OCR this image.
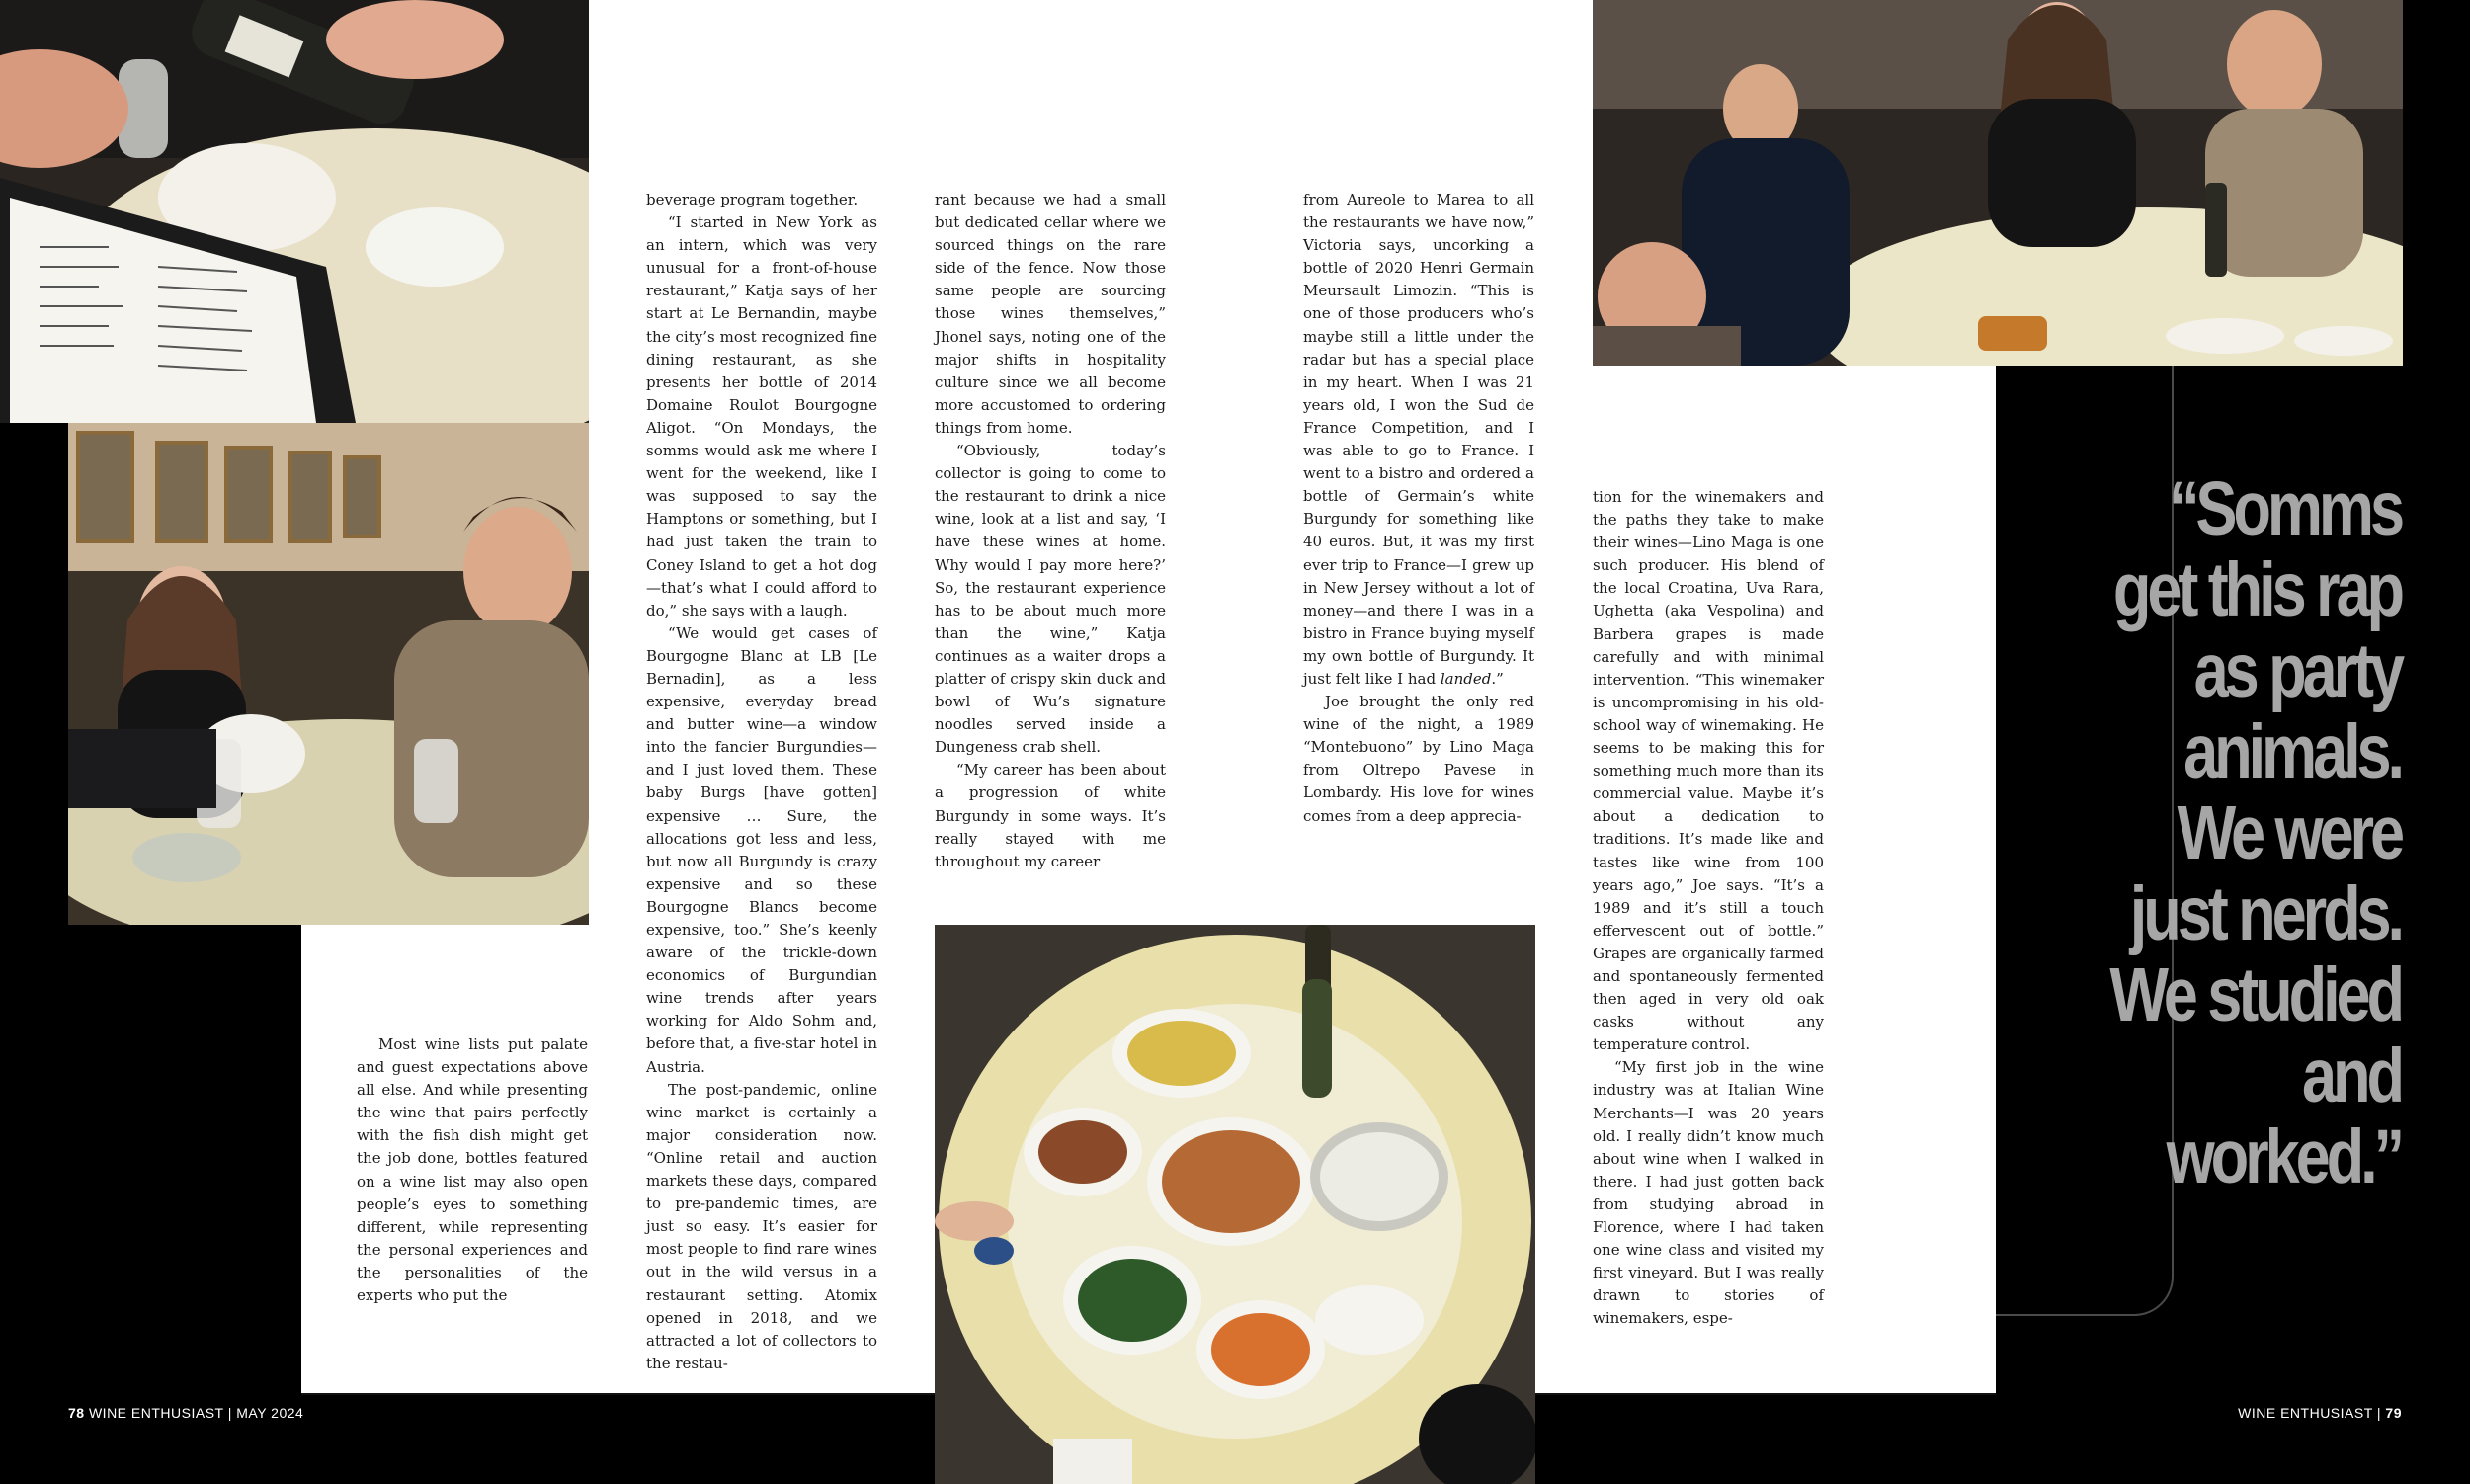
Most wine lists put palate and guest expectations above all else. And while presenting the wine that pairs perfectly with the fish dish might get the job done, bottles featured on a wine list may also open people’s eyes to something different, while representing the personal experiences and the personalities of the experts who put the

beverage program together.

“I started in New York as an intern, which was very unusual for a front-of-house restaurant,” Katja says of her start at Le Bernandin, maybe the city’s most recognized fine dining restaurant, as she presents her bottle of 2014 Domaine Roulot Bourgogne Aligot. “On Mondays, the somms would ask me where I went for the weekend, like I was supposed to say the Hamptons or something, but I had just taken the train to Coney Island to get a hot dog—that’s what I could afford to do,” she says with a laugh.

“We would get cases of Bourgogne Blanc at LB [Le Bernadin], as a less expensive, everyday bread and butter wine—a window into the fancier Burgundies—and I just loved them. These baby Burgs [have gotten] expensive … Sure, the allocations got less and less, but now all Burgundy is crazy expensive and so these Bourgogne Blancs become expensive, too.” She’s keenly aware of the trickle-down economics of Burgundian wine trends after years working for Aldo Sohm and, before that, a five-star hotel in Austria.

The post-pandemic, online wine market is certainly a major consideration now. “Online retail and auction markets these days, compared to pre-pandemic times, are just so easy. It’s easier for most people to find rare wines out in the wild versus in a restaurant setting. Atomix opened in 2018, and we attracted a lot of collectors to the restau-

rant because we had a small but dedicated cellar where we sourced things on the rare side of the fence. Now those same people are sourcing those wines themselves,” Jhonel says, noting one of the major shifts in hospitality culture since we all become more accustomed to ordering things from home.

“Obviously, today’s collector is going to come to the restaurant to drink a nice wine, look at a list and say, ‘I have these wines at home. Why would I pay more here?’ So, the restaurant experience has to be about much more than the wine,” Katja continues as a waiter drops a platter of crispy skin duck and bowl of Wu’s signature noodles served inside a Dungeness crab shell.

“My career has been about a progression of white Burgundy in some ways. It’s really stayed with me throughout my career

78 WINE ENTHUSIAST | MAY 2024

from Aureole to Marea to all the restaurants we have now,” Victoria says, uncorking a bottle of 2020 Henri Germain Meursault Limozin. “This is one of those producers who’s maybe still a little under the radar but has a special place in my heart. When I was 21 years old, I won the Sud de France Competition, and I was able to go to France. I went to a bistro and ordered a bottle of Germain’s white Burgundy for something like 40 euros. But, it was my first ever trip to France—I grew up in New Jersey without a lot of money—and there I was in a bistro in France buying myself my own bottle of Burgundy. It just felt like I had landed.”

Joe brought the only red wine of the night, a 1989 “Montebuono” by Lino Maga from Oltrepo Pavese in Lombardy. His love for wines comes from a deep apprecia-

tion for the winemakers and the paths they take to make their wines—Lino Maga is one such producer. His blend of the local Croatina, Uva Rara, Ughetta (aka Vespolina) and Barbera grapes is made carefully and with minimal intervention. “This winemaker is uncompromising in his old-school way of winemaking. He seems to be making this for something much more than its commercial value. Maybe it’s about a dedication to traditions. It’s made like and tastes like wine from 100 years ago,” Joe says. “It’s a 1989 and it’s still a touch effervescent out of bottle.” Grapes are organically farmed and spontaneously fermented then aged in very old oak casks without any temperature control.

“My first job in the wine industry was at Italian Wine Merchants—I was 20 years old. I really didn’t know much about wine when I walked in there. I had just gotten back from studying abroad in Florence, where I had taken one wine class and visited my first vineyard. But I was really drawn to stories of winemakers, espe-

“Somms
get this rap
as party
animals.
We were
just nerds.
We studied
and
worked.”
WINE ENTHUSIAST | 79
